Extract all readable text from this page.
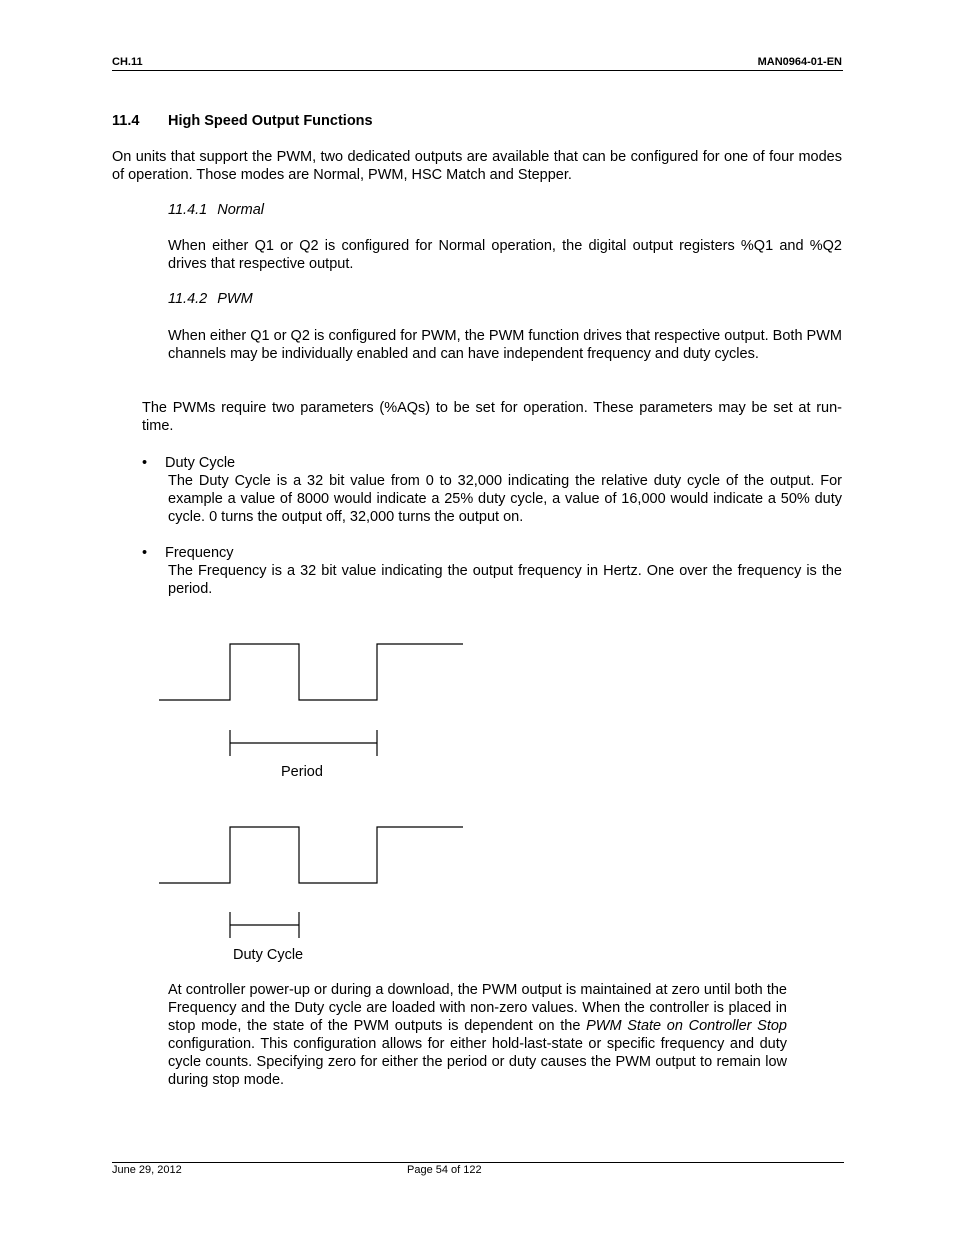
CH.11	MAN0964-01-EN
11.4 High Speed Output Functions
On units that support the PWM, two dedicated outputs are available that can be configured for one of four modes of operation. Those modes are Normal, PWM, HSC Match and Stepper.
11.4.1 Normal
When either Q1 or Q2 is configured for Normal operation, the digital output registers %Q1 and %Q2 drives that respective output.
11.4.2 PWM
When either Q1 or Q2 is configured for PWM, the PWM function drives that respective output. Both PWM channels may be individually enabled and can have independent frequency and duty cycles.
The PWMs require two parameters (%AQs) to be set for operation. These parameters may be set at run-time.
• Duty Cycle
The Duty Cycle is a 32 bit value from 0 to 32,000 indicating the relative duty cycle of the output. For example a value of 8000 would indicate a 25% duty cycle, a value of 16,000 would indicate a 50% duty cycle. 0 turns the output off, 32,000 turns the output on.
• Frequency
The Frequency is a 32 bit value indicating the output frequency in Hertz. One over the frequency is the period.
Period
Duty Cycle
At controller power-up or during a download, the PWM output is maintained at zero until both the Frequency and the Duty cycle are loaded with non-zero values. When the controller is placed in stop mode, the state of the PWM outputs is dependent on the PWM State on Controller Stop configuration. This configuration allows for either hold-last-state or specific frequency and duty cycle counts. Specifying zero for either the period or duty causes the PWM output to remain low during stop mode.
June 29, 2012	Page 54 of 122
